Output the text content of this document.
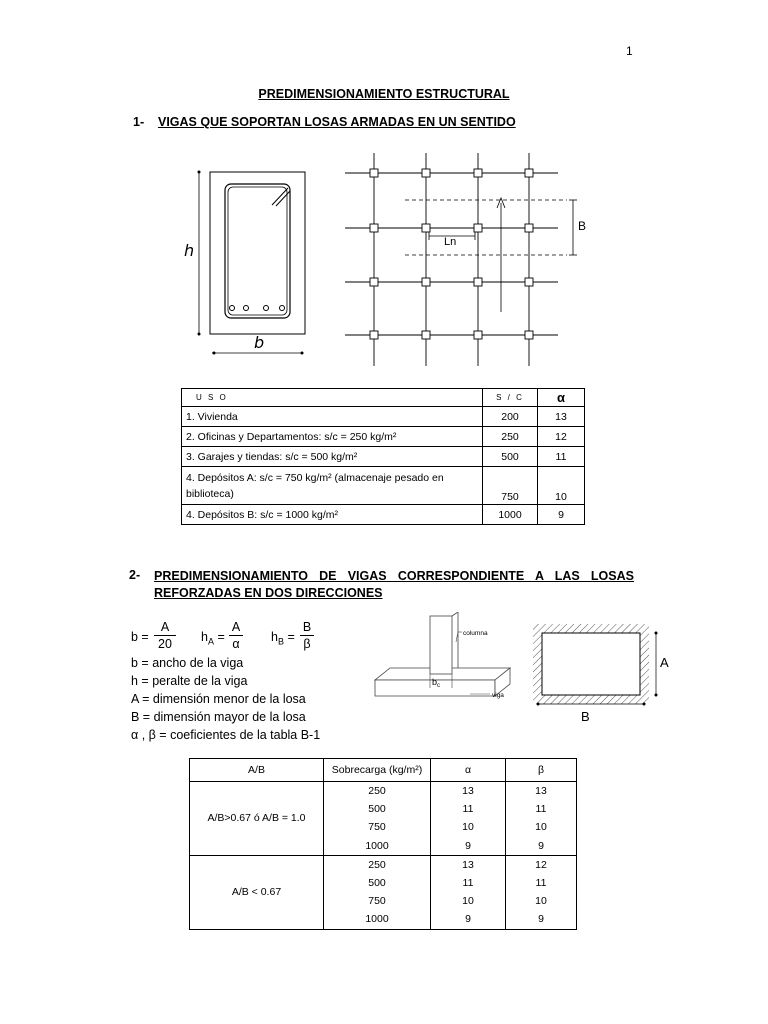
1
PREDIMENSIONAMIENTO ESTRUCTURAL
1- VIGAS QUE SOPORTAN LOSAS ARMADAS EN UN SENTIDO
h
b
Ln
B
U S O	S / C	α
1. Vivienda	200	13
2. Oficinas y Departamentos: s/c = 250 kg/m²	250	12
3. Garajes y tiendas: s/c = 500 kg/m²	500	11
4. Depósitos A: s/c = 750 kg/m² (almacenaje pesado en biblioteca)	750	10
4. Depósitos B: s/c = 1000 kg/m²	1000	9
2- PREDIMENSIONAMIENTO DE VIGAS CORRESPONDIENTE A LAS LOSAS
REFORZADAS EN DOS DIRECCIONES
b =
A
20	$h_A$ =
A
α	$h_B$ =
B
β
b = ancho de la viga
h = peralte de la viga
A = dimensión menor de la losa
B = dimensión mayor de la losa
α , β = coeficientes de la tabla B-1
columna
$b_c$
viga
A
B
A/B	Sobrecarga (kg/m²)	α	β
A/B>0.67 ó A/B = 1.0	250	13	13
	500	11	11
	750	10	10
	1000	9	9
A/B < 0.67	250	13	12
	500	11	11
	750	10	10
	1000	9	9
